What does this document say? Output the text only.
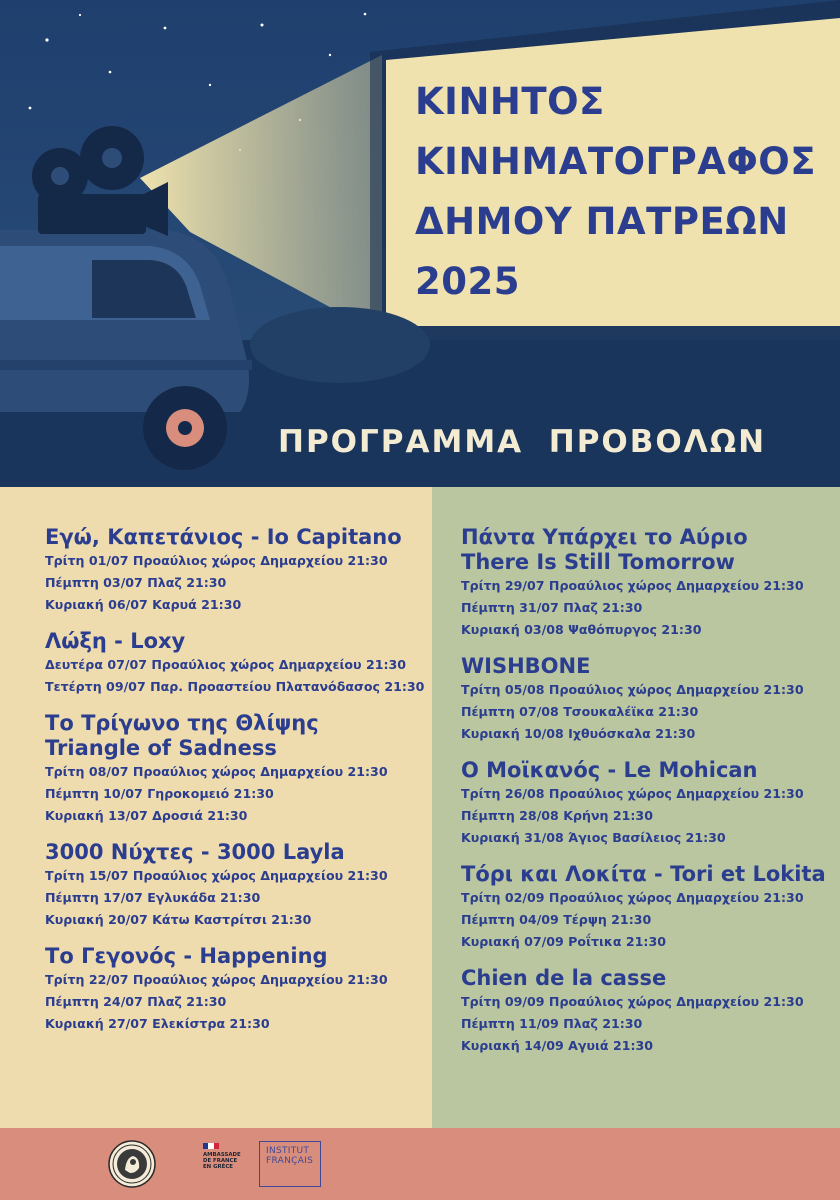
ΚΙΝΗΤΟΣ
ΚΙΝΗΜΑΤΟΓΡΑΦΟΣ
ΔΗΜΟΥ ΠΑΤΡΕΩΝ
2025
ΠΡΟΓΡΑΜΜΑ  ΠΡΟΒΟΛΩΝ
Εγώ, Καπετάνιος - Io Capitano
Τρίτη 01/07 Προαύλιος χώρος Δημαρχείου 21:30
Πέμπτη 03/07 Πλαζ 21:30
Κυριακή 06/07 Καρυά 21:30
Λώξη - Loxy
Δευτέρα 07/07 Προαύλιος χώρος Δημαρχείου 21:30
Τετέρτη 09/07 Παρ. Προαστείου Πλατανόδασος 21:30
Το Τρίγωνο της Θλίψης
Triangle of Sadness
Τρίτη 08/07 Προαύλιος χώρος Δημαρχείου 21:30
Πέμπτη 10/07 Γηροκομειό 21:30
Κυριακή 13/07 Δροσιά 21:30
3000 Νύχτες - 3000 Layla
Τρίτη 15/07 Προαύλιος χώρος Δημαρχείου 21:30
Πέμπτη 17/07 Εγλυκάδα 21:30
Κυριακή 20/07 Κάτω Καστρίτσι 21:30
Το Γεγονός - Happening
Τρίτη 22/07 Προαύλιος χώρος Δημαρχείου 21:30
Πέμπτη 24/07 Πλαζ 21:30
Κυριακή 27/07 Ελεκίστρα 21:30
Πάντα Υπάρχει το Αύριο
There Is Still Tomorrow
Τρίτη 29/07 Προαύλιος χώρος Δημαρχείου 21:30
Πέμπτη 31/07 Πλαζ 21:30
Κυριακή 03/08 Ψαθόπυργος 21:30
WISHBONE
Τρίτη 05/08 Προαύλιος χώρος Δημαρχείου 21:30
Πέμπτη 07/08 Τσουκαλέϊκα 21:30
Κυριακή 10/08 Ιχθυόσκαλα 21:30
Ο Μοϊκανός - Le Mohican
Τρίτη 26/08 Προαύλιος χώρος Δημαρχείου 21:30
Πέμπτη 28/08 Κρήνη 21:30
Κυριακή 31/08 Άγιος Βασίλειος 21:30
Τόρι και Λοκίτα - Tori et Lokita
Τρίτη 02/09 Προαύλιος χώρος Δημαρχείου 21:30
Πέμπτη 04/09 Τέρψη 21:30
Κυριακή 07/09 Ροΐτικα 21:30
Chien de la casse
Τρίτη 09/09 Προαύλιος χώρος Δημαρχείου 21:30
Πέμπτη 11/09 Πλαζ 21:30
Κυριακή 14/09 Αγυιά 21:30
AMBASSADE
DE FRANCE
EN GRÈCE
INSTITUT
FRANÇAIS
